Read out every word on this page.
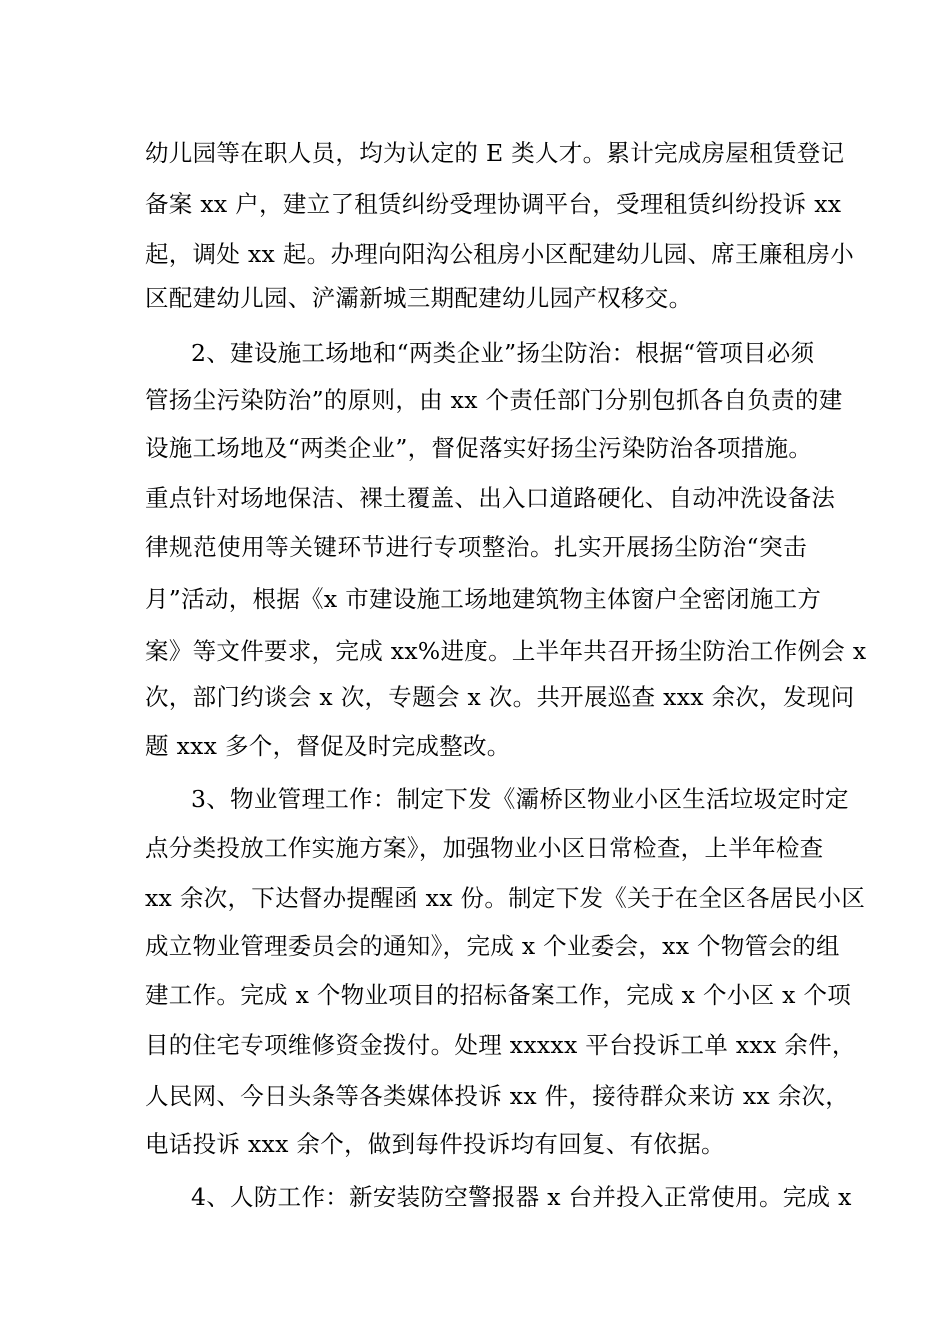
幼儿园等在职人员，均为认定的 E 类人才。累计完成房屋租赁登记
备案 xx 户，建立了租赁纠纷受理协调平台，受理租赁纠纷投诉 xx
起，调处 xx 起。办理向阳沟公租房小区配建幼儿园、席王廉租房小
区配建幼儿园、浐灞新城三期配建幼儿园产权移交。
2、建设施工场地和“两类企业”扬尘防治：根据“管项目必须
管扬尘污染防治”的原则，由 xx 个责任部门分别包抓各自负责的建
设施工场地及“两类企业”，督促落实好扬尘污染防治各项措施。
重点针对场地保洁、裸土覆盖、出入口道路硬化、自动冲洗设备法
律规范使用等关键环节进行专项整治。扎实开展扬尘防治“突击
月”活动，根据《x 市建设施工场地建筑物主体窗户全密闭施工方
案》等文件要求，完成 xx%进度。上半年共召开扬尘防治工作例会 x
次，部门约谈会 x 次，专题会 x 次。共开展巡查 xxx 余次，发现问
题 xxx 多个，督促及时完成整改。
3、物业管理工作：制定下发《灞桥区物业小区生活垃圾定时定
点分类投放工作实施方案》，加强物业小区日常检查，上半年检查
xx 余次，下达督办提醒函 xx 份。制定下发《关于在全区各居民小区
成立物业管理委员会的通知》，完成 x 个业委会，xx 个物管会的组
建工作。完成 x 个物业项目的招标备案工作，完成 x 个小区 x 个项
目的住宅专项维修资金拨付。处理 xxxxx 平台投诉工单 xxx 余件，
人民网、今日头条等各类媒体投诉 xx 件，接待群众来访 xx 余次，
电话投诉 xxx 余个，做到每件投诉均有回复、有依据。
4、人防工作：新安装防空警报器 x 台并投入正常使用。完成 x
